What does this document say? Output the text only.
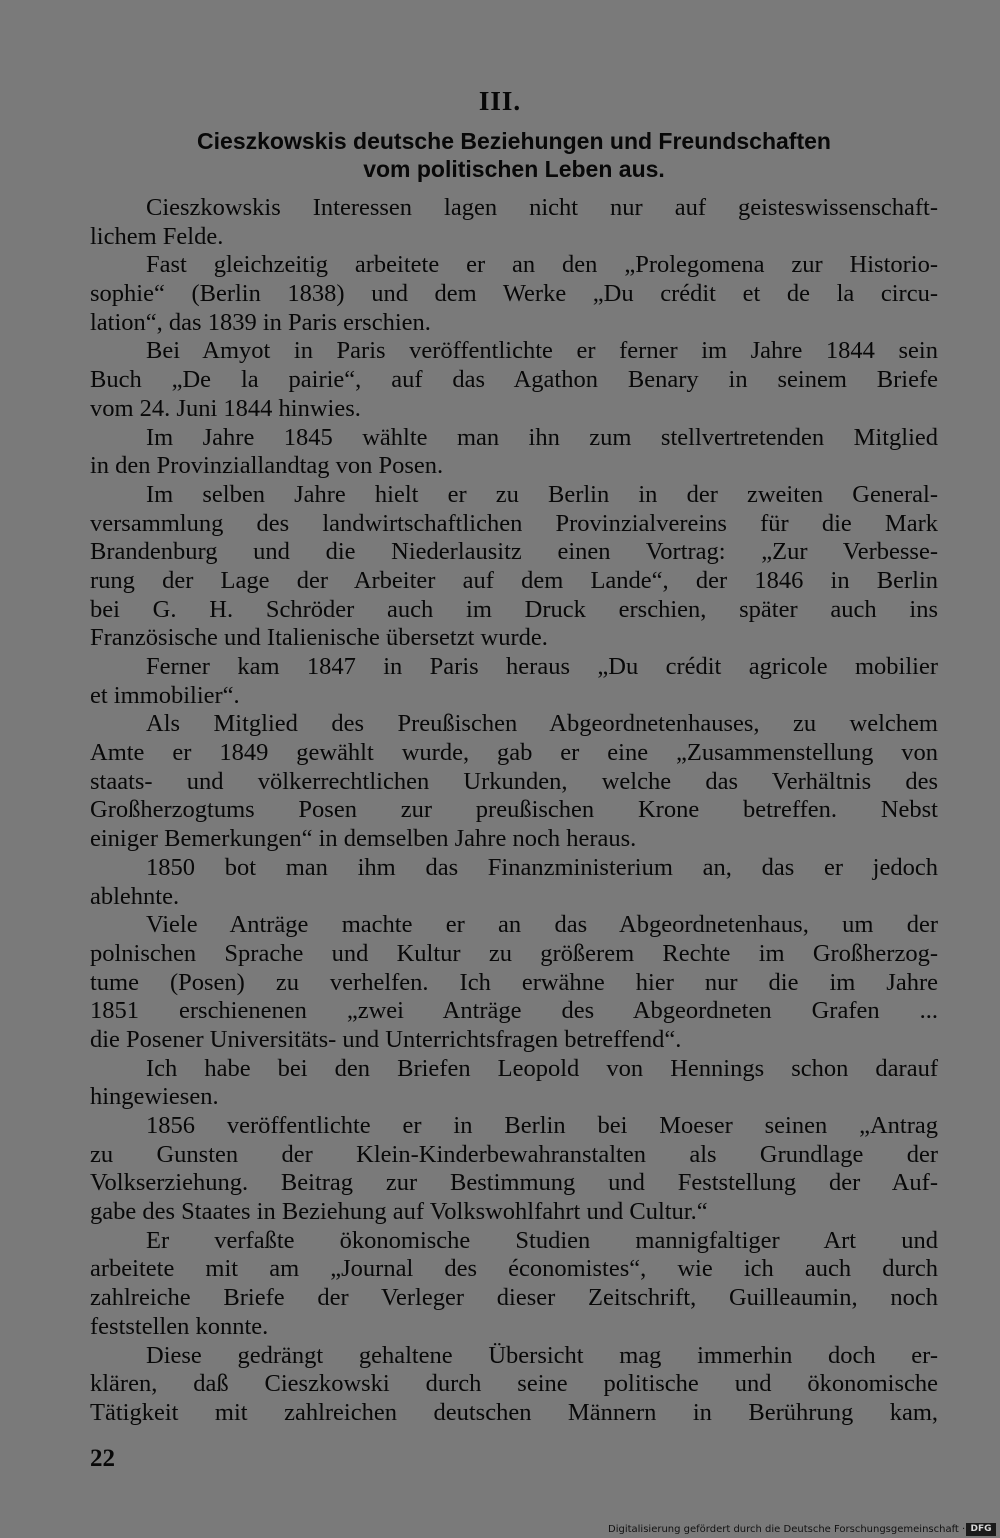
III.
Cieszkowskis deutsche Beziehungen und Freundschaften
vom politischen Leben aus.
Cieszkowskis Interessen lagen nicht nur auf geisteswissenschaft-
lichem Felde.
Fast gleichzeitig arbeitete er an den „Prolegomena zur Historio-
sophie“ (Berlin 1838) und dem Werke „Du crédit et de la circu-
lation“, das 1839 in Paris erschien.
Bei Amyot in Paris veröffentlichte er ferner im Jahre 1844 sein
Buch „De la pairie“, auf das Agathon Benary in seinem Briefe
vom 24. Juni 1844 hinwies.
Im Jahre 1845 wählte man ihn zum stellvertretenden Mitglied
in den Provinziallandtag von Posen.
Im selben Jahre hielt er zu Berlin in der zweiten General-
versammlung des landwirtschaftlichen Provinzialvereins für die Mark
Brandenburg und die Niederlausitz einen Vortrag: „Zur Verbesse-
rung der Lage der Arbeiter auf dem Lande“, der 1846 in Berlin
bei G. H. Schröder auch im Druck erschien, später auch ins
Französische und Italienische übersetzt wurde.
Ferner kam 1847 in Paris heraus „Du crédit agricole mobilier
et immobilier“.
Als Mitglied des Preußischen Abgeordnetenhauses, zu welchem
Amte er 1849 gewählt wurde, gab er eine „Zusammenstellung von
staats- und völkerrechtlichen Urkunden, welche das Verhältnis des
Großherzogtums Posen zur preußischen Krone betreffen. Nebst
einiger Bemerkungen“ in demselben Jahre noch heraus.
1850 bot man ihm das Finanzministerium an, das er jedoch
ablehnte.
Viele Anträge machte er an das Abgeordnetenhaus, um der
polnischen Sprache und Kultur zu größerem Rechte im Großherzog-
tume (Posen) zu verhelfen. Ich erwähne hier nur die im Jahre
1851 erschienenen „zwei Anträge des Abgeordneten Grafen ...
die Posener Universitäts- und Unterrichtsfragen betreffend“.
Ich habe bei den Briefen Leopold von Hennings schon darauf
hingewiesen.
1856 veröffentlichte er in Berlin bei Moeser seinen „Antrag
zu Gunsten der Klein-Kinderbewahranstalten als Grundlage der
Volkserziehung. Beitrag zur Bestimmung und Feststellung der Auf-
gabe des Staates in Beziehung auf Volkswohlfahrt und Cultur.“
Er verfaßte ökonomische Studien mannigfaltiger Art und
arbeitete mit am „Journal des économistes“, wie ich auch durch
zahlreiche Briefe der Verleger dieser Zeitschrift, Guilleaumin, noch
feststellen konnte.
Diese gedrängt gehaltene Übersicht mag immerhin doch er-
klären, daß Cieszkowski durch seine politische und ökonomische
Tätigkeit mit zahlreichen deutschen Männern in Berührung kam,
22
Digitalisierung gefördert durch die Deutsche Forschungsgemeinschaft · DFG
